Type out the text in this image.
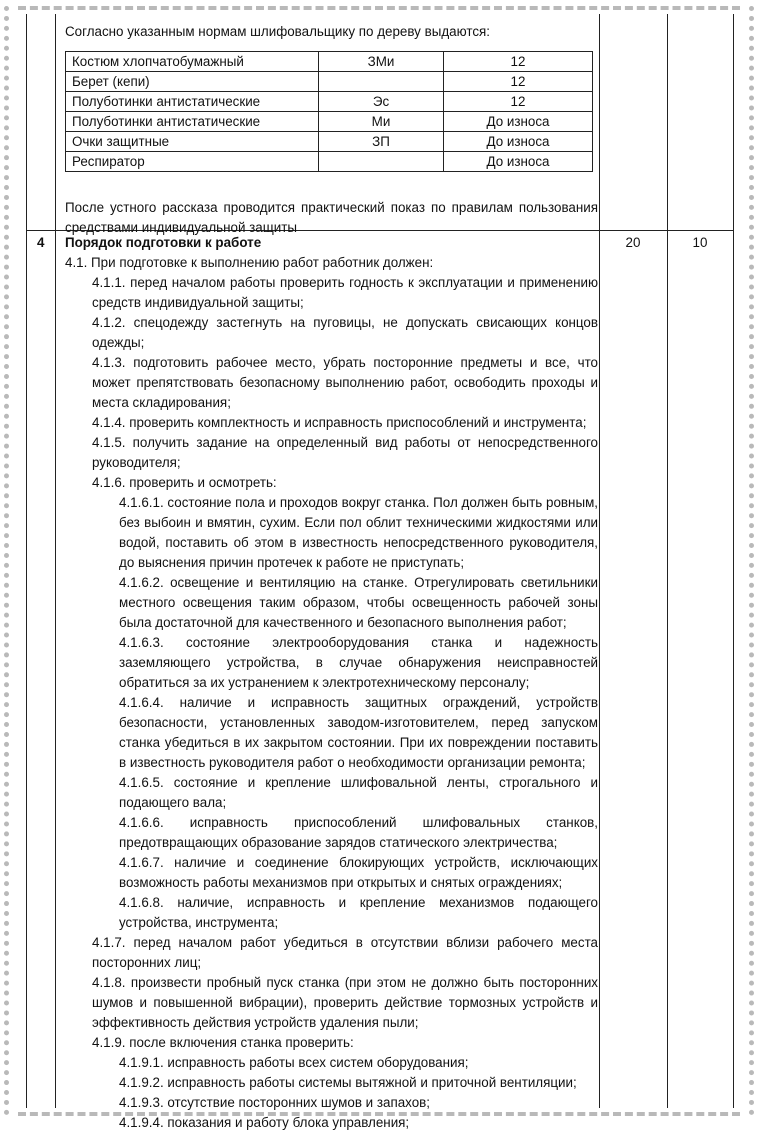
Согласно указанным нормам шлифовальщику по дереву выдаются:
Костюм хлопчатобумажный	ЗМи	12
Берет (кепи)		12
Полуботинки антистатические	Эс	12
Полуботинки антистатические	Ми	До износа
Очки защитные	ЗП	До износа
Респиратор		До износа
После устного рассказа проводится практический показ по правилам пользования средствами индивидуальной защиты
4	20	10

Порядок подготовки к работе

4.1. При подготовке к выполнению работ работник должен:

4.1.1. перед началом работы проверить годность к эксплуатации и применению средств индивидуальной защиты;

4.1.2. спецодежду застегнуть на пуговицы, не допускать свисающих концов одежды;

4.1.3. подготовить рабочее место, убрать посторонние предметы и все, что может препятствовать безопасному выполнению работ, освободить проходы и места складирования;

4.1.4. проверить комплектность и исправность приспособлений и инструмента;

4.1.5. получить задание на определенный вид работы от непосредственного руководителя;

4.1.6. проверить и осмотреть:

4.1.6.1. состояние пола и проходов вокруг станка. Пол должен быть ровным, без выбоин и вмятин, сухим. Если пол облит техническими жидкостями или водой, поставить об этом в известность непосредственного руководителя, до выяснения причин протечек к работе не приступать;

4.1.6.2. освещение и вентиляцию на станке. Отрегулировать светильники местного освещения таким образом, чтобы освещенность рабочей зоны была достаточной для качественного и безопасного выполнения работ;

4.1.6.3. состояние электрооборудования станка и надежность заземляющего устройства, в случае обнаружения неисправностей обратиться за их устранением к электротехническому персоналу;

4.1.6.4. наличие и исправность защитных ограждений, устройств безопасности, установленных заводом-изготовителем, перед запуском станка убедиться в их закрытом состоянии. При их повреждении поставить в известность руководителя работ о необходимости организации ремонта;

4.1.6.5. состояние и крепление шлифовальной ленты, строгального и подающего вала;

4.1.6.6. исправность приспособлений шлифовальных станков, предотвращающих образование зарядов статического электричества;

4.1.6.7. наличие и соединение блокирующих устройств, исключающих возможность работы механизмов при открытых и снятых ограждениях;

4.1.6.8. наличие, исправность и крепление механизмов подающего устройства, инструмента;

4.1.7. перед началом работ убедиться в отсутствии вблизи рабочего места посторонних лиц;

4.1.8. произвести пробный пуск станка (при этом не должно быть посторонних шумов и повышенной вибрации), проверить действие тормозных устройств и эффективность действия устройств удаления пыли;

4.1.9. после включения станка проверить:

4.1.9.1. исправность работы всех систем оборудования;

4.1.9.2. исправность работы системы вытяжной и приточной вентиляции;

4.1.9.3. отсутствие посторонних шумов и запахов;

4.1.9.4. показания и работу блока управления;
